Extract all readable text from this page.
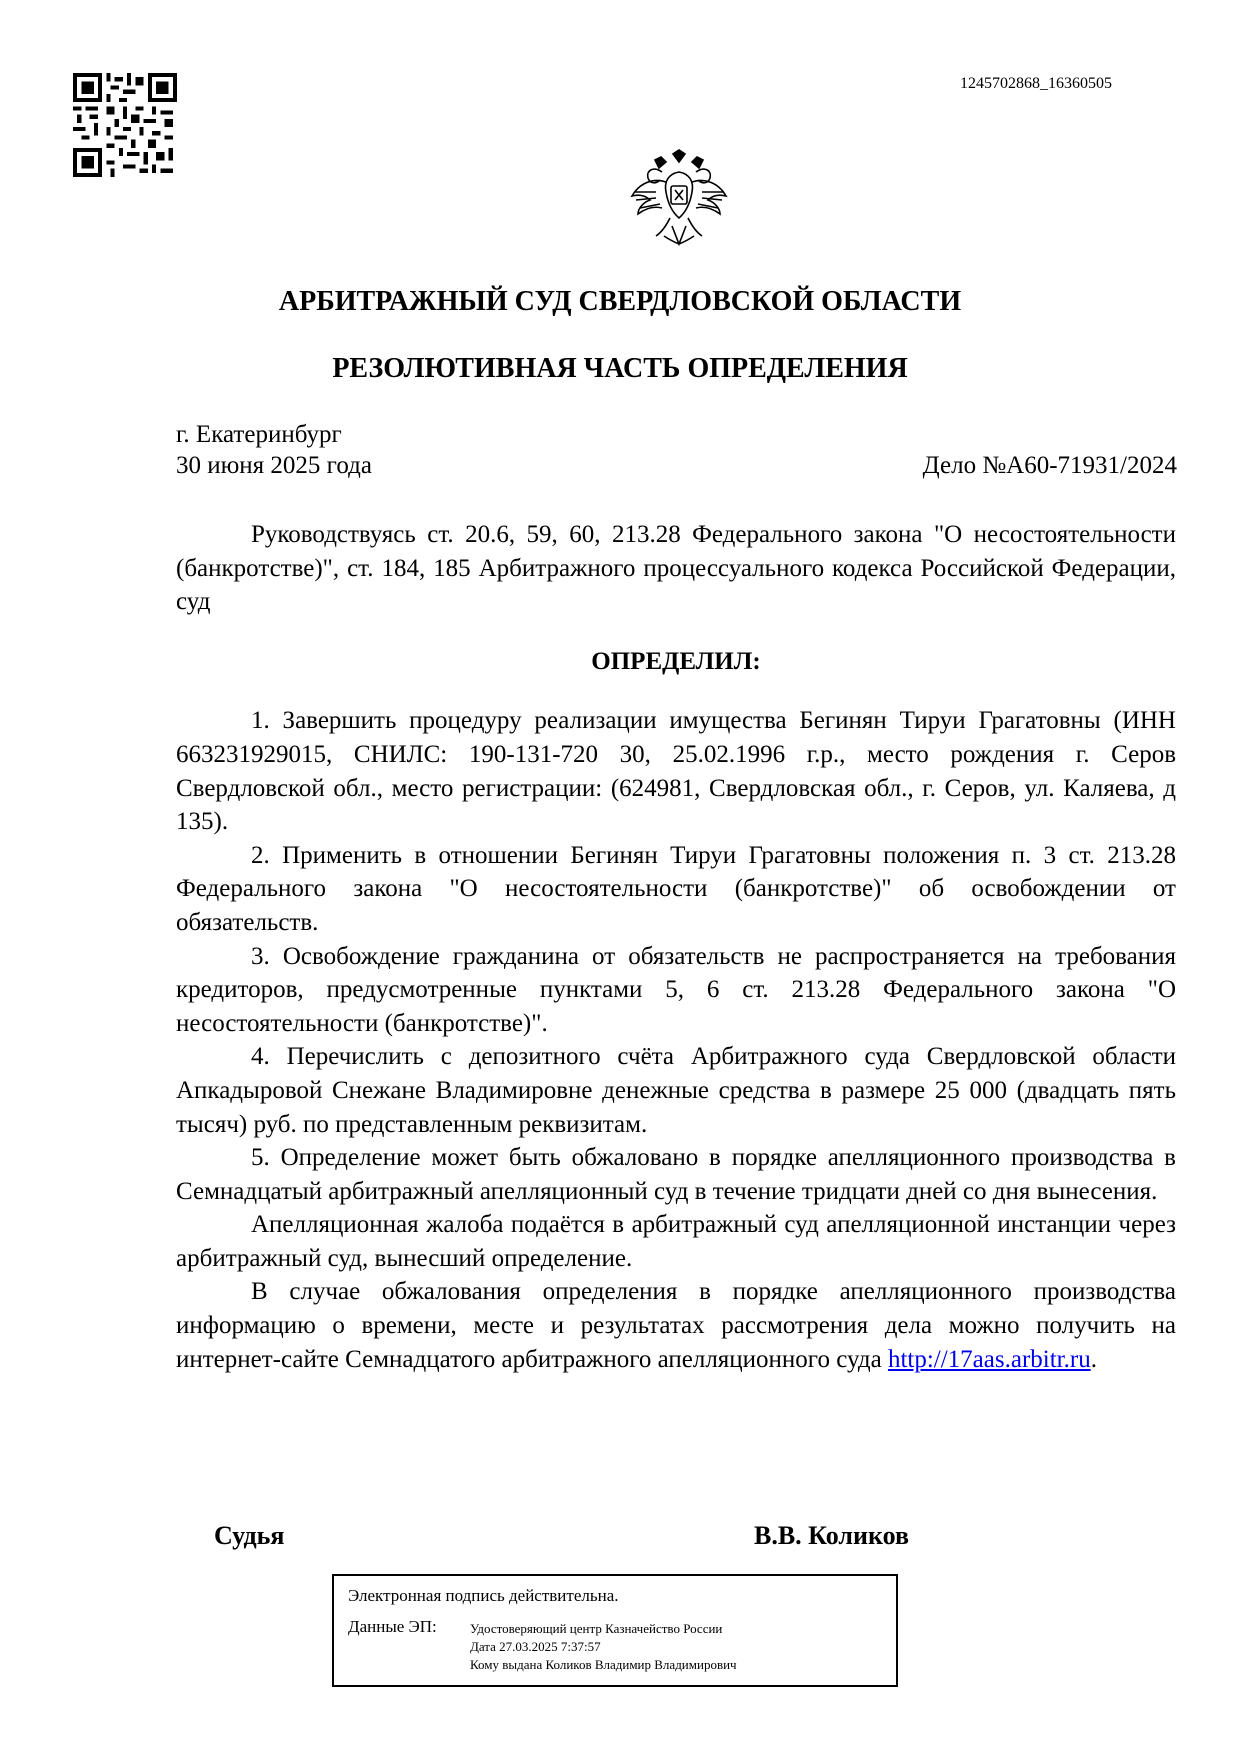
1245702868_16360505
АРБИТРАЖНЫЙ СУД СВЕРДЛОВСКОЙ ОБЛАСТИ
РЕЗОЛЮТИВНАЯ ЧАСТЬ ОПРЕДЕЛЕНИЯ
г. Екатеринбург
30 июня 2025 года	Дело №А60-71931/2024

Руководствуясь ст. 20.6, 59, 60, 213.28 Федерального закона "О несостоятельности (банкротстве)", ст. 184, 185 Арбитражного процессуального кодекса Российской Федерации, суд

ОПРЕДЕЛИЛ:

1. Завершить процедуру реализации имущества Бегинян Тируи Грагатовны (ИНН 663231929015, СНИЛС: 190-131-720 30, 25.02.1996 г.р., место рождения г. Серов Свердловской обл., место регистрации: (624981, Свердловская обл., г. Серов, ул. Каляева, д 135).

2. Применить в отношении Бегинян Тируи Грагатовны положения п. 3 ст. 213.28 Федерального закона "О несостоятельности (банкротстве)" об освобождении от обязательств.

3. Освобождение гражданина от обязательств не распространяется на требования кредиторов, предусмотренные пунктами 5, 6 ст. 213.28 Федерального закона "О несостоятельности (банкротстве)".

4. Перечислить с депозитного счёта Арбитражного суда Свердловской области Апкадыровой Снежане Владимировне денежные средства в размере 25 000 (двадцать пять тысяч) руб. по представленным реквизитам.

5. Определение может быть обжаловано в порядке апелляционного производства в Семнадцатый арбитражный апелляционный суд в течение тридцати дней со дня вынесения.

Апелляционная жалоба подаётся в арбитражный суд апелляционной инстанции через арбитражный суд, вынесший определение.

В случае обжалования определения в порядке апелляционного производства информацию о времени, месте и результатах рассмотрения дела можно получить на интернет-сайте Семнадцатого арбитражного апелляционного суда http://17aas.arbitr.ru.

Судья	В.В. Коликов
Электронная подпись действительна.
Данные ЭП:	Удостоверяющий центр Казначейство России
Дата 27.03.2025 7:37:57
Кому выдана Коликов Владимир Владимирович
